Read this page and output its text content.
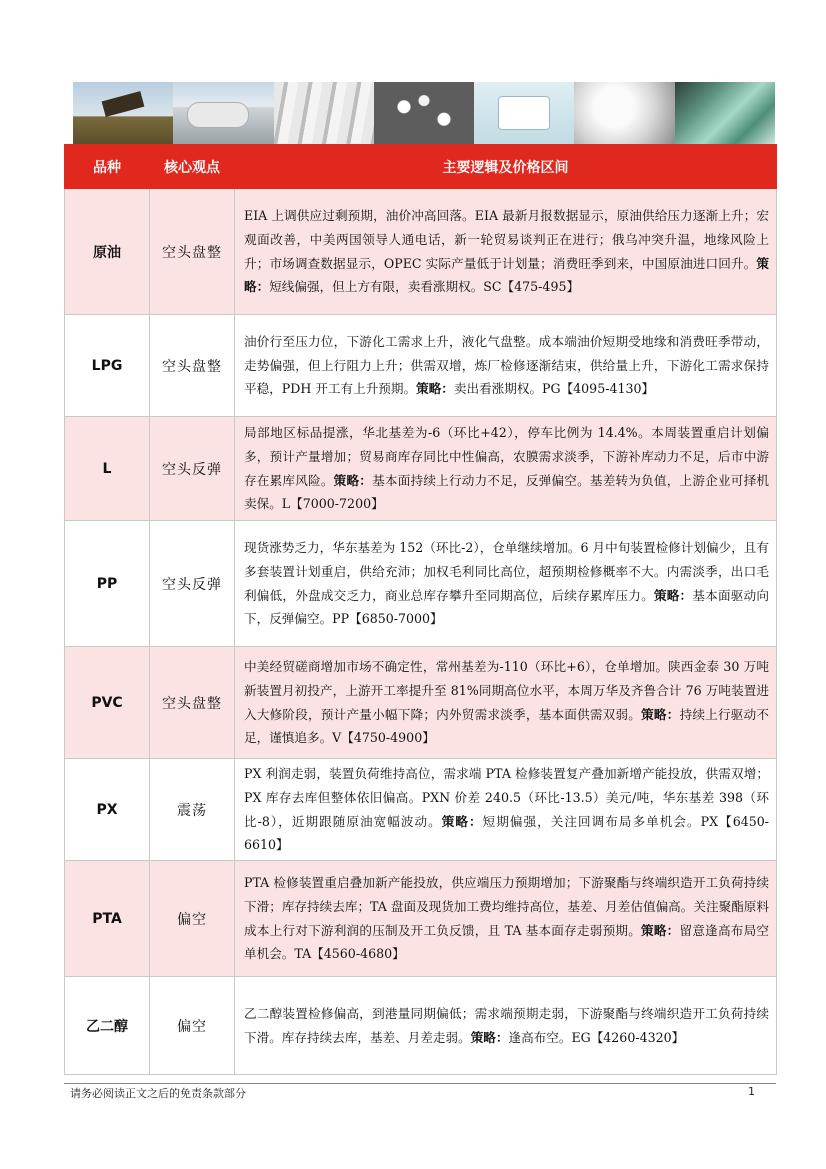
品种	核心观点	主要逻辑及价格区间
原油	空头盘整	EIA 上调供应过剩预期，油价冲高回落。EIA 最新月报数据显示，原油供给压力逐渐上升；宏观面改善，中美两国领导人通电话，新一轮贸易谈判正在进行；俄乌冲突升温，地缘风险上升；市场调查数据显示，OPEC 实际产量低于计划量；消费旺季到来，中国原油进口回升。策略：短线偏强，但上方有限，卖看涨期权。SC【475-495】
LPG	空头盘整	油价行至压力位，下游化工需求上升，液化气盘整。成本端油价短期受地缘和消费旺季带动，走势偏强，但上行阻力上升；供需双增，炼厂检修逐渐结束，供给量上升，下游化工需求保持平稳，PDH 开工有上升预期。策略：卖出看涨期权。PG【4095-4130】
L	空头反弹	局部地区标品提涨，华北基差为-6（环比+42），停车比例为 14.4%。本周装置重启计划偏多，预计产量增加；贸易商库存同比中性偏高，农膜需求淡季，下游补库动力不足，后市中游存在累库风险。策略：基本面持续上行动力不足，反弹偏空。基差转为负值，上游企业可择机卖保。L【7000-7200】
PP	空头反弹	现货涨势乏力，华东基差为 152（环比-2），仓单继续增加。6 月中旬装置检修计划偏少，且有多套装置计划重启，供给充沛；加权毛利同比高位，超预期检修概率不大。内需淡季，出口毛利偏低，外盘成交乏力，商业总库存攀升至同期高位，后续存累库压力。策略：基本面驱动向下，反弹偏空。PP【6850-7000】
PVC	空头盘整	中美经贸磋商增加市场不确定性，常州基差为-110（环比+6），仓单增加。陕西金泰 30 万吨新装置月初投产，上游开工率提升至 81%同期高位水平，本周万华及齐鲁合计 76 万吨装置进入大修阶段，预计产量小幅下降；内外贸需求淡季，基本面供需双弱。策略：持续上行驱动不足，谨慎追多。V【4750-4900】
PX	震荡	PX 利润走弱，装置负荷维持高位，需求端 PTA 检修装置复产叠加新增产能投放，供需双增；PX 库存去库但整体依旧偏高。PXN 价差 240.5（环比-13.5）美元/吨，华东基差 398（环比-8），近期跟随原油宽幅波动。策略：短期偏强，关注回调布局多单机会。PX【6450-6610】
PTA	偏空	PTA 检修装置重启叠加新产能投放，供应端压力预期增加；下游聚酯与终端织造开工负荷持续下滑；库存持续去库；TA 盘面及现货加工费均维持高位，基差、月差估值偏高。关注聚酯原料成本上行对下游利润的压制及开工负反馈，且 TA 基本面存走弱预期。策略：留意逢高布局空单机会。TA【4560-4680】
乙二醇	偏空	乙二醇装置检修偏高，到港量同期偏低；需求端预期走弱，下游聚酯与终端织造开工负荷持续下滑。库存持续去库，基差、月差走弱。策略：逢高布空。EG【4260-4320】
请务必阅读正文之后的免责条款部分	1
